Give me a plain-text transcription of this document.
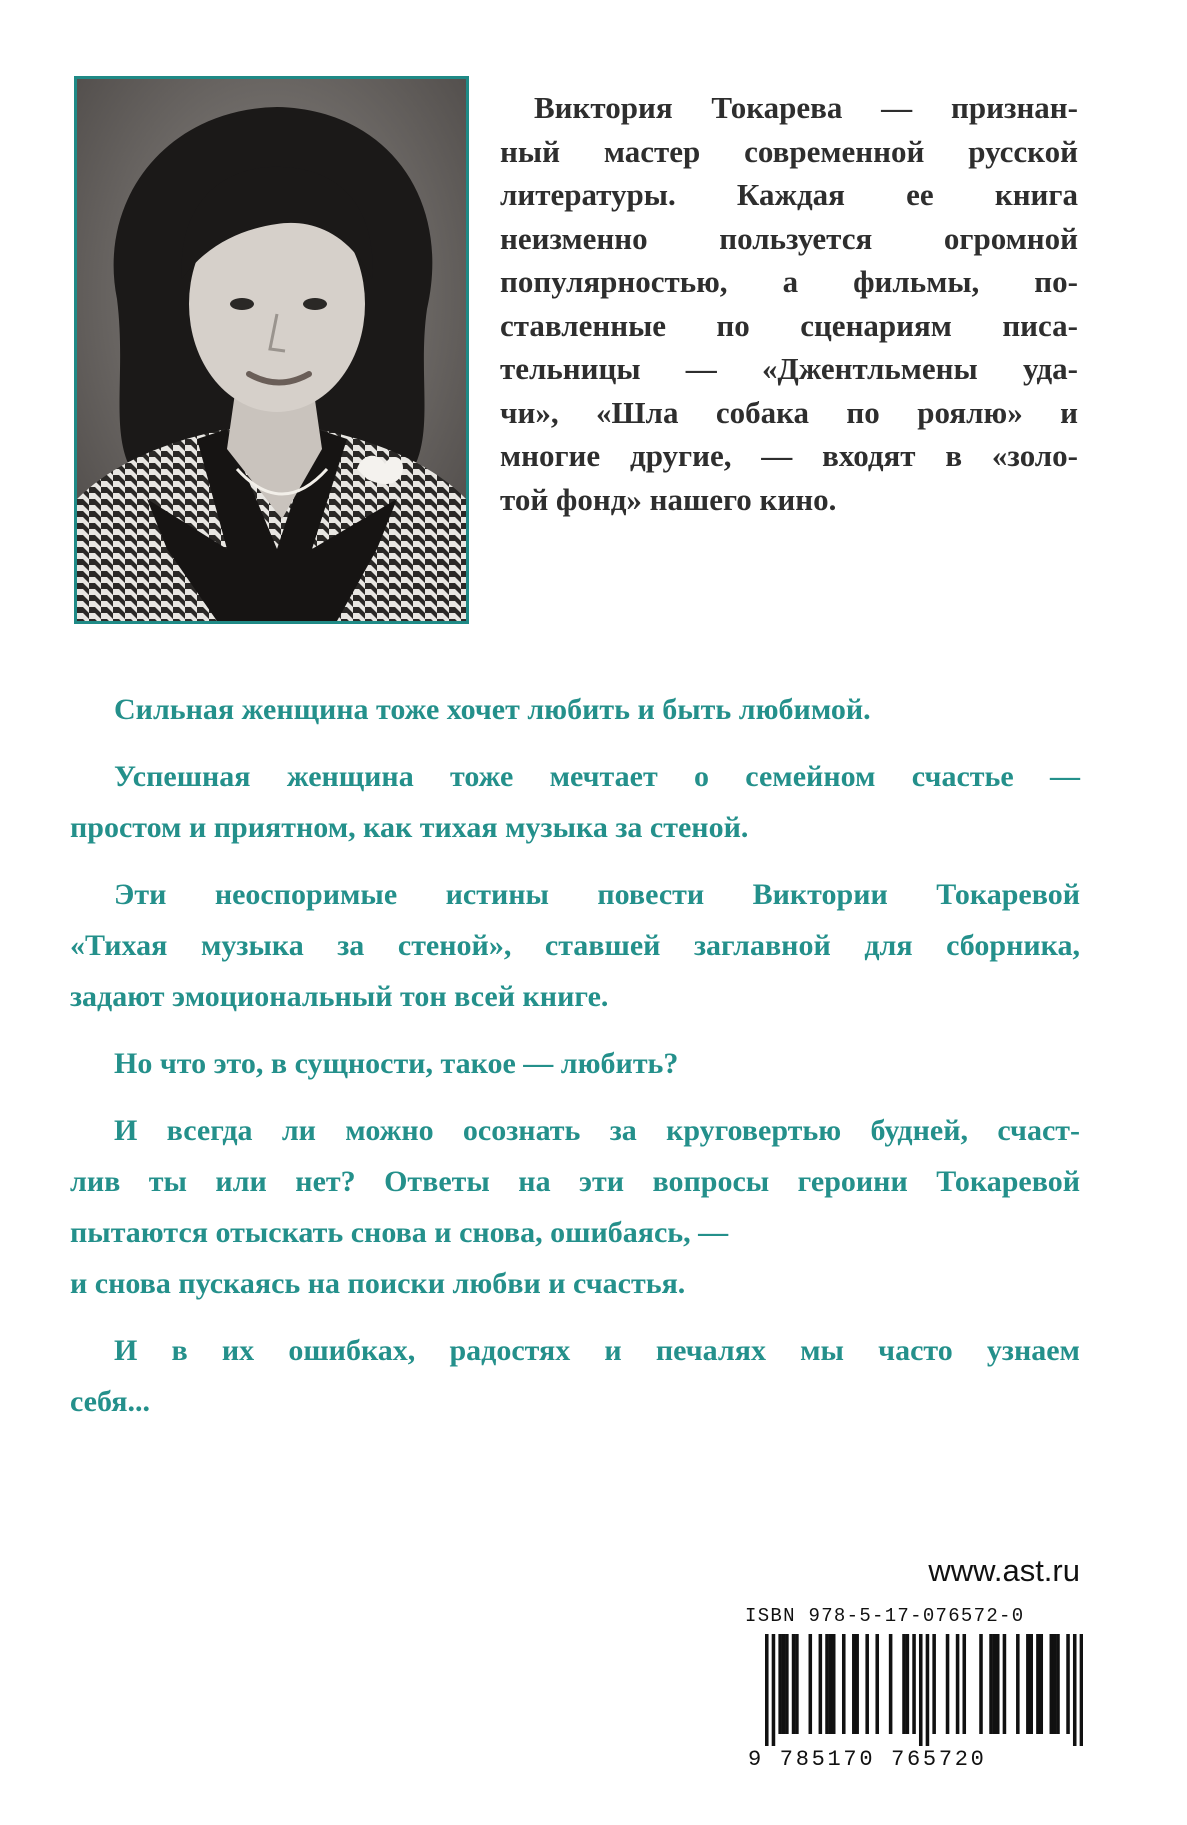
Виктория Токарева — признан-
ный мастер современной русской
литературы. Каждая ее книга
неизменно пользуется огромной
популярностью, а фильмы, по-
ставленные по сценариям писа-
тельницы — «Джентльмены уда-
чи», «Шла собака по роялю» и
многие другие, — входят в «золо-
той фонд» нашего кино.
Сильная женщина тоже хочет любить и быть любимой.
Успешная женщина тоже мечтает о семейном счастье —
простом и приятном, как тихая музыка за стеной.
Эти неоспоримые истины повести Виктории Токаревой
«Тихая музыка за стеной», ставшей заглавной для сборника,
задают эмоциональный тон всей книге.
Но что это, в сущности, такое — любить?
И всегда ли можно осознать за круговертью будней, счаст-
лив ты или нет? Ответы на эти вопросы героини Токаревой
пытаются отыскать снова и снова, ошибаясь, —
и снова пускаясь на поиски любви и счастья.
И в их ошибках, радостях и печалях мы часто узнаем
себя...
www.ast.ru
ISBN 978-5-17-076572-0
9 785170 765720
